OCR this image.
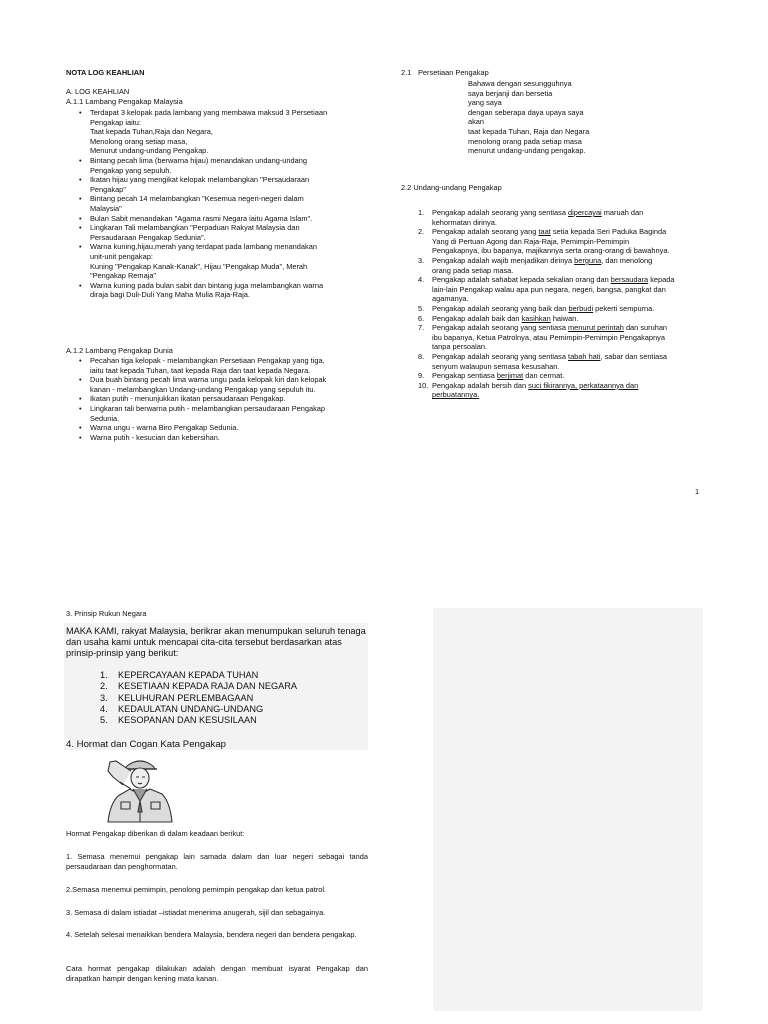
NOTA LOG KEAHLIAN
A. LOG KEAHLIAN
A.1.1 Lambang Pengakap Malaysia
• Terdapat 3 kelopak pada lambang yang membawa maksud 3 Persetiaan
Pengakap iaitu:
Taat kepada Tuhan,Raja dan Negara,
Menolong orang setiap masa,
Menurut undang-undang Pengakap.
• Bintang pecah lima (berwarna hijau) menandakan undang-undang
Pengakap yang sepuluh.
• Ikatan hijau yang mengikat kelopak melambangkan "Persaudaraan
Pengakap"
• Bintang pecah 14 melambangkan "Kesemua negeri-negeri dalam
Malaysia"
• Bulan Sabit menandakan "Agama rasmi Negara iaitu Agama Islam".
• Lingkaran Tali melambangkan "Perpaduan Rakyat Malaysia dan
Persaudaraan Pengakap Sedunia".
• Warna kuning,hijau,merah yang terdapat pada lambang menandakan
unit-unit pengakap:
Kuning "Pengakap Kanak-Kanak", Hijau "Pengakap Muda", Merah
"Pengakap Remaja"
• Warna kuning pada bulan sabit dan bintang juga melambangkan warna
diraja bagi Duli-Duli Yang Maha Mulia Raja-Raja.
A.1.2 Lambang Pengakap Dunia
• Pecahan tiga kelopak - melambangkan Persetiaan Pengakap yang tiga,
iaitu taat kepada Tuhan, taat kepada Raja dan taat kepada Negara.
• Dua buah bintang pecah lima warna ungu pada kelopak kiri dan kelopak
kanan - melambangkan Undang-undang Pengakap yang sepuluh itu.
• Ikatan putih - menunjukkan ikatan persaudaraan Pengakap.
• Lingkaran tali berwarna putih - melambangkan persaudaraan Pengakap
Sedunia.
• Warna ungu - warna Biro Pengakap Sedunia.
• Warna putih - kesucian dan kebersihan.
2.1 Persetiaan Pengakap
Bahawa dengan sesungguhnya
saya berjanji dan bersetia
yang saya
dengan seberapa daya upaya saya
akan
taat kepada Tuhan, Raja dan Negara
menolong orang pada setiap masa
menurut undang-undang pengakap.
2.2 Undang-undang Pengakap
1. Pengakap adalah seorang yang sentiasa dipercayai maruah dan
kehormatan dirinya.
2. Pengakap adalah seorang yang taat setia kepada Seri Paduka Baginda
Yang di Pertuan Agong dan Raja-Raja, Pemimpin-Pemimpin
Pengakapnya, ibu bapanya, majikannya serta orang-orang di bawahnya.
3. Pengakap adalah wajib menjadikan dirinya berguna, dan menolong
orang pada setiap masa.
4. Pengakap adalah sahabat kepada sekalian orang dan bersaudara kepada
lain-lain Pengakap walau apa pun negara, negeri, bangsa, pangkat dan
agamanya.
5. Pengakap adalah seorang yang baik dan berbudi pekerti sempurna.
6. Pengakap adalah baik dan kasihkan haiwan.
7. Pengakap adalah seorang yang sentiasa menurut perintah dan suruhan
ibu bapanya, Ketua Patrolnya, atau Pemimpin-Pemimpin Pengakapnya
tanpa persoalan.
8. Pengakap adalah seorang yang sentiasa tabah hati, sabar dan sentiasa
senyum walaupun semasa kesusahan.
9. Pengakap sentiasa berjimat dan cermat.
10. Pengakap adalah bersih dan suci fikirannya, perkataannya dan
perbuatannya.
1
3. Prinsip Rukun Negara
MAKA KAMI, rakyat Malaysia, berikrar akan menumpukan seluruh tenaga dan usaha kami untuk mencapai cita-cita tersebut berdasarkan atas prinsip-prinsip yang berikut:
1. KEPERCAYAAN KEPADA TUHAN
2. KESETIAAN KEPADA RAJA DAN NEGARA
3. KELUHURAN PERLEMBAGAAN
4. KEDAULATAN UNDANG-UNDANG
5. KESOPANAN DAN KESUSILAAN
4. Hormat dan Cogan Kata Pengakap
Hormat Pengakap diberikan di dalam keadaan berikut:
1. Semasa menemui pengakap lain samada dalam dan luar negeri sebagai tanda persaudaraan dan penghormatan.
2.Semasa menemui pemimpin, penolong pemimpin pengakap dan ketua patrol.
3. Semasa di dalam istiadat –istiadat menerima anugerah, sijil dan sebagainya.
4. Setelah selesai menaikkan bendera Malaysia, bendera negeri dan bendera pengakap.
Cara hormat pengakap dilakukan adalah dengan membuat isyarat Pengakap dan dirapatkan hampir dengan kening mata kanan.
